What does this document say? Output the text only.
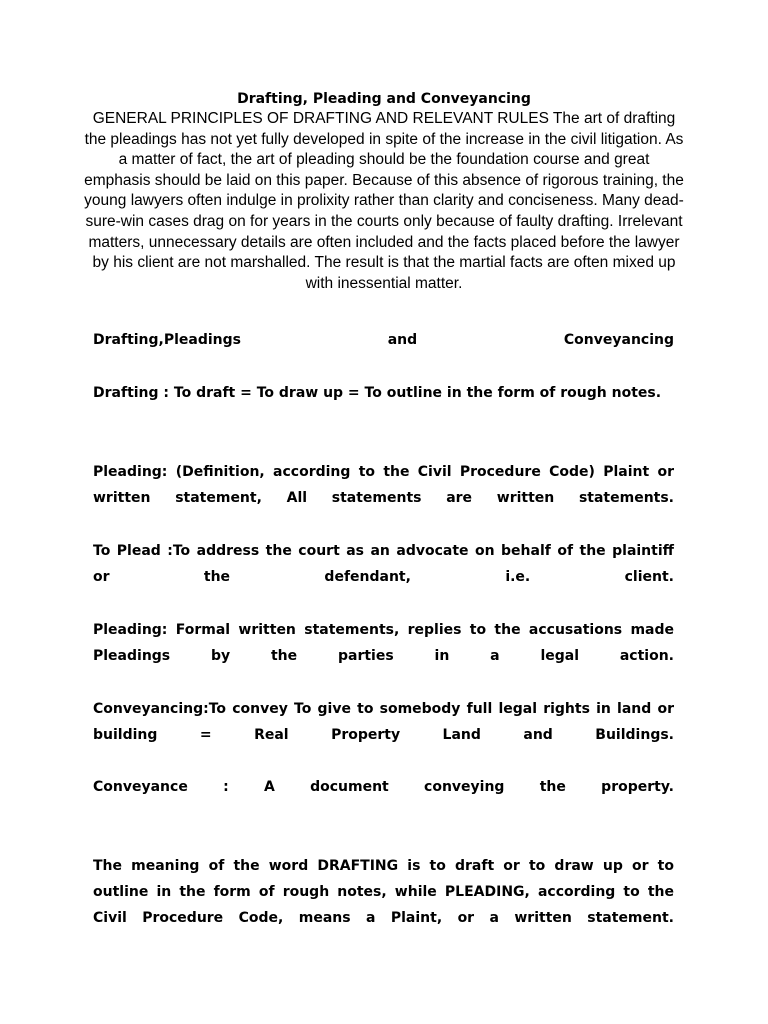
Drafting, Pleading and Conveyancing

GENERAL PRINCIPLES OF DRAFTING AND RELEVANT RULES The art of drafting the pleadings has not yet fully developed in spite of the increase in the civil litigation. As a matter of fact, the art of pleading should be the foundation course and great emphasis should be laid on this paper. Because of this absence of rigorous training, the young lawyers often indulge in prolixity rather than clarity and conciseness. Many dead-sure-win cases drag on for years in the courts only because of faulty drafting. Irrelevant matters, unnecessary details are often included and the facts placed before the lawyer by his client are not marshalled. The result is that the martial facts are often mixed up with inessential matter.

Drafting,Pleadings and Conveyancing

Drafting : To draft = To draw up = To outline in the form of rough notes.

Pleading: (Definition, according to the Civil Procedure Code) Plaint or written statement, All statements are written statements.

To Plead :To address the court as an advocate on behalf of the plaintiff or the defendant, i.e. client.

Pleading: Formal written statements, replies to the accusations made Pleadings by the parties in a legal action.

Conveyancing:To convey To give to somebody full legal rights in land or building = Real Property Land and Buildings.

Conveyance : A document conveying the property.

The meaning of the word DRAFTING is to draft or to draw up or to outline in the form of rough notes, while PLEADING, according to the Civil Procedure Code, means a Plaint, or a written statement.
